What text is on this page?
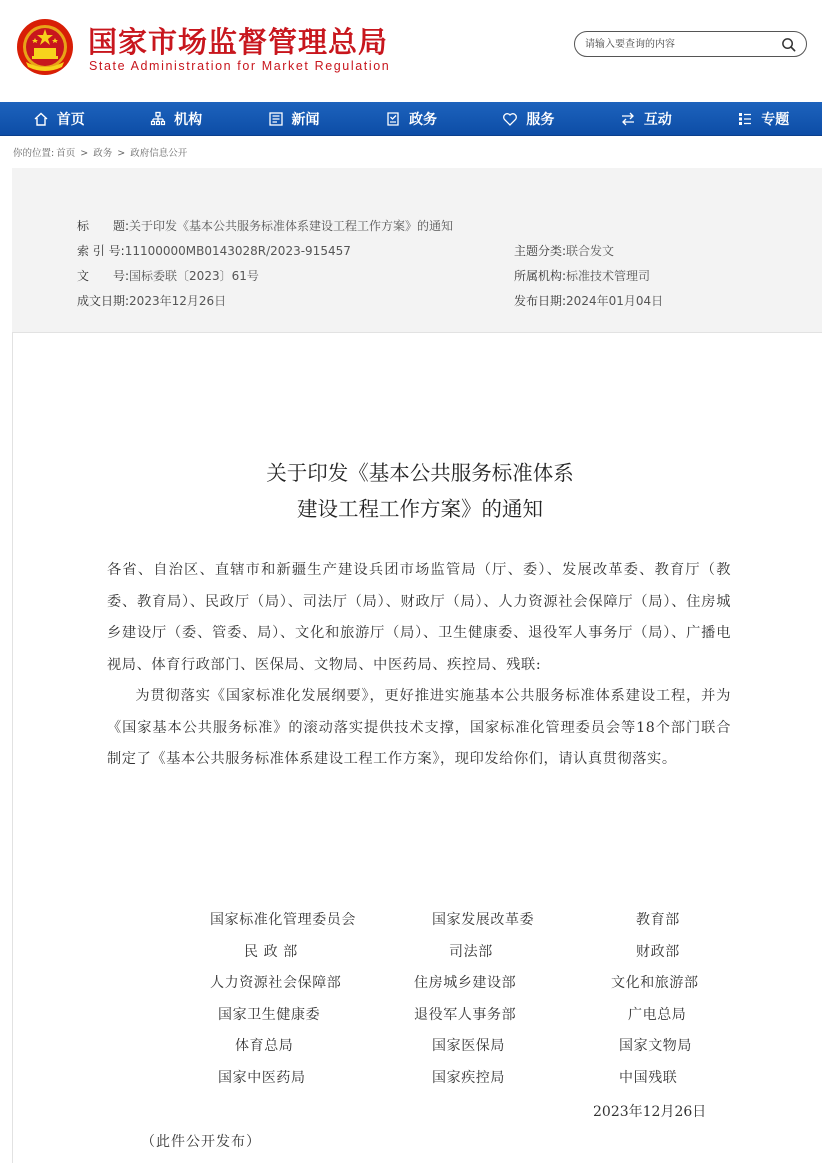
国家市场监督管理总局
State Administration for Market Regulation
请输入要查询的内容
首页	机构	新闻	政务	服务	互动	专题
你的位置: 首页 > 政务 > 政府信息公开
标　　题:关于印发《基本公共服务标准体系建设工程工作方案》的通知
索 引 号:11100000MB0143028R/2023-915457	主题分类:联合发文
文　　号:国标委联〔2023〕61号	所属机构:标准技术管理司
成文日期:2023年12月26日	发布日期:2024年01月04日
关于印发《基本公共服务标准体系
建设工程工作方案》的通知
各省、自治区、直辖市和新疆生产建设兵团市场监管局（厅、委）、发展改革委、教育厅（教委、教育局）、民政厅（局）、司法厅（局）、财政厅（局）、人力资源社会保障厅（局）、住房城乡建设厅（委、管委、局）、文化和旅游厅（局）、卫生健康委、退役军人事务厅（局）、广播电视局、体育行政部门、医保局、文物局、中医药局、疾控局、残联:
为贯彻落实《国家标准化发展纲要》，更好推进实施基本公共服务标准体系建设工程，并为《国家基本公共服务标准》的滚动落实提供技术支撑，国家标准化管理委员会等18个部门联合制定了《基本公共服务标准体系建设工程工作方案》，现印发给你们，请认真贯彻落实。
国家标准化管理委员会	国家发展改革委	教育部
民 政 部	司法部	财政部
人力资源社会保障部	住房城乡建设部	文化和旅游部
国家卫生健康委	退役军人事务部	广电总局
体育总局	国家医保局	国家文物局
国家中医药局	国家疾控局	中国残联
2023年12月26日
（此件公开发布）
